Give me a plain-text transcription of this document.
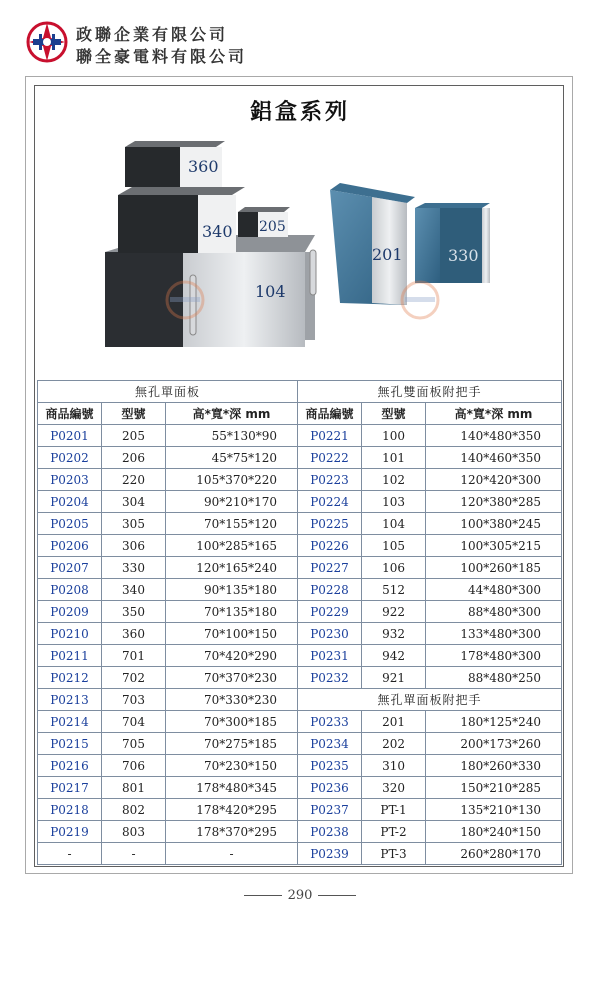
政聯企業有限公司
聯全豪電料有限公司
鋁盒系列
104
340
360
205
201	330
無孔單面板			無孔雙面板附把手		
商品編號	型號	高*寬*深 mm	商品編號	型號	高*寬*深 mm
P0201	205	55*130*90	P0221	100	140*480*350
P0202	206	45*75*120	P0222	101	140*460*350
P0203	220	105*370*220	P0223	102	120*420*300
P0204	304	90*210*170	P0224	103	120*380*285
P0205	305	70*155*120	P0225	104	100*380*245
P0206	306	100*285*165	P0226	105	100*305*215
P0207	330	120*165*240	P0227	106	100*260*185
P0208	340	90*135*180	P0228	512	44*480*300
P0209	350	70*135*180	P0229	922	88*480*300
P0210	360	70*100*150	P0230	932	133*480*300
P0211	701	70*420*290	P0231	942	178*480*300
P0212	702	70*370*230	P0232	921	88*480*250
P0213	703	70*330*230	無孔單面板附把手		
P0214	704	70*300*185	P0233	201	180*125*240
P0215	705	70*275*185	P0234	202	200*173*260
P0216	706	70*230*150	P0235	310	180*260*330
P0217	801	178*480*345	P0236	320	150*210*285
P0218	802	178*420*295	P0237	PT-1	135*210*130
P0219	803	178*370*295	P0238	PT-2	180*240*150
-	-	-	P0239	PT-3	260*280*170
290
